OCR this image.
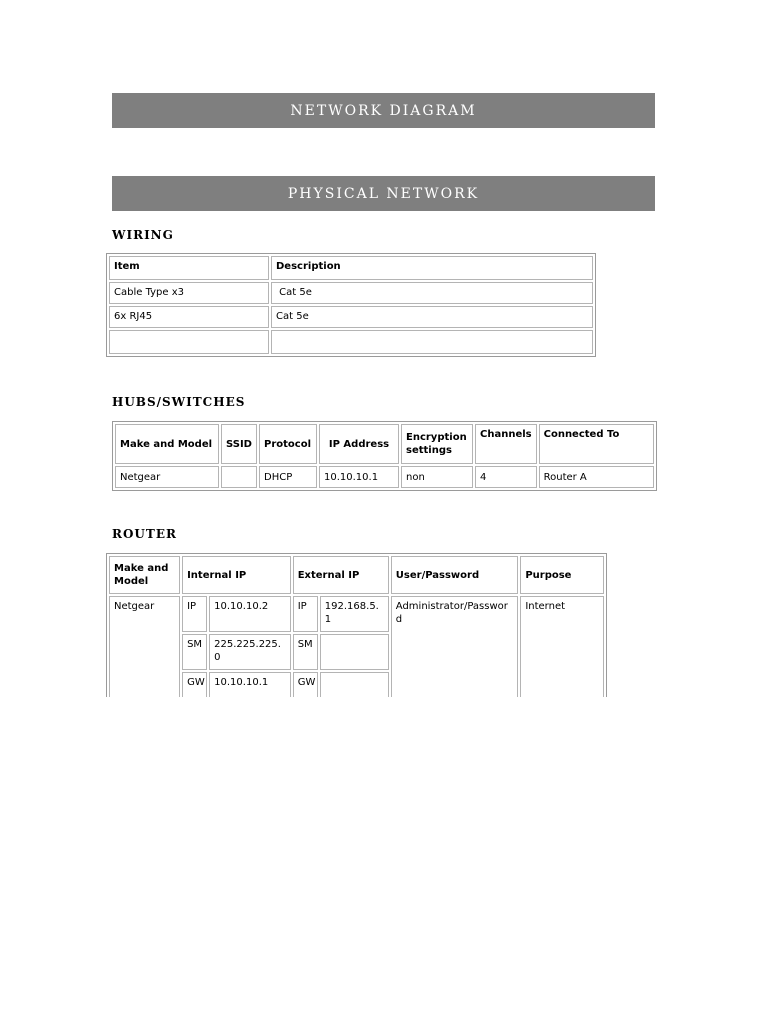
NETWORK DIAGRAM
PHYSICAL NETWORK
WIRING
Item	Description
Cable Type x3	Cat 5e
6x RJ45	Cat 5e

HUBS/SWITCHES
Make and Model	SSID	Protocol	IP Address	Encryption settings	Channels	Connected To
Netgear		DHCP	10.10.10.1	non	4	Router A
ROUTER
Make and Model	Internal IP		External IP		User/Password	Purpose
Netgear	IP	10.10.10.2	IP	192.168.5.1	Administrator/Password	Internet
	SM	225.225.225.0	SM			
	GW	10.10.10.1	GW			
